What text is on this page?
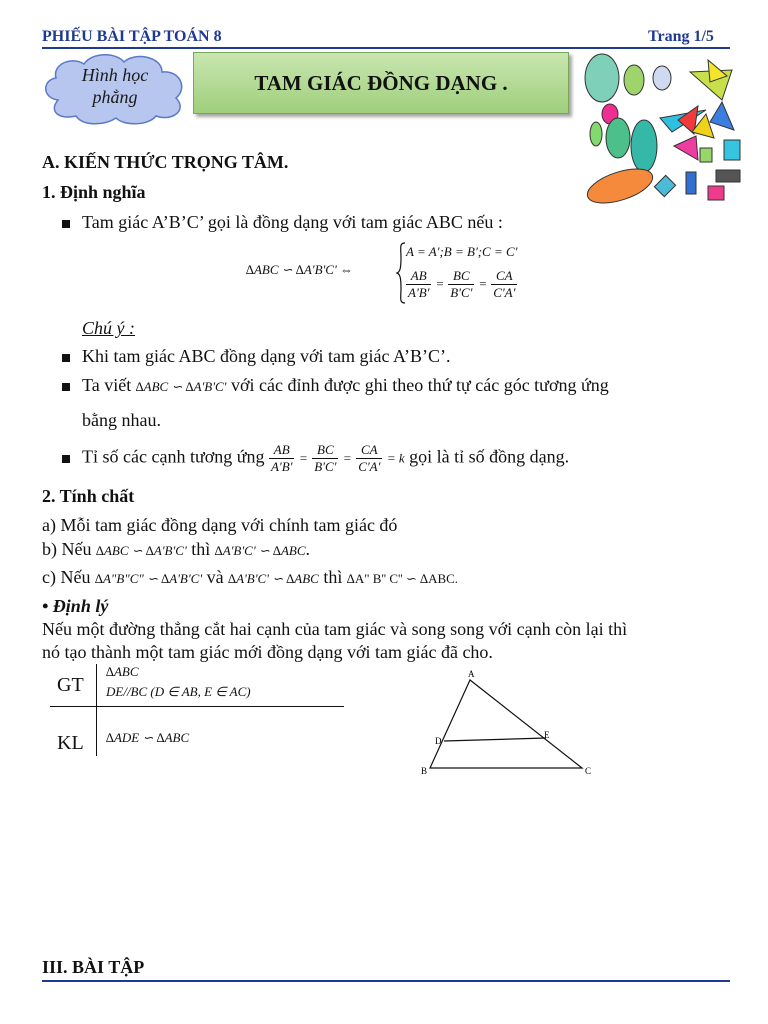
PHIẾU BÀI TẬP TOÁN 8	Trang 1/5
Hình học
phẳng
TAM GIÁC ĐỒNG DẠNG .
A. KIẾN THỨC TRỌNG TÂM.
1. Định nghĩa
Tam giác A’B’C’ gọi là đồng dạng với tam giác ABC nếu :
∆ABC ∽ ∆A'B'C' ⇔
A = A';B = B';C = C'
$\frac{AB}{A'B'} = \frac{BC}{B'C'} = \frac{CA}{C'A'}$
Chú ý :
Khi tam giác ABC đồng dạng với tam giác A’B’C’.
Ta viết ∆ABC ∽ ∆A'B'C' với các đỉnh được ghi theo thứ tự các góc tương ứng
bằng nhau.
Tỉ số các cạnh tương ứng $\frac{AB}{A'B'} = \frac{BC}{B'C'} = \frac{CA}{C'A'} = k$ gọi là tỉ số đồng dạng.
2. Tính chất
a) Mỗi tam giác đồng dạng với chính tam giác đó
b) Nếu ∆ABC ∽ ∆A'B'C' thì ∆A'B'C' ∽ ∆ABC.
c) Nếu ∆A"B"C" ∽ ∆A'B'C' và ∆A'B'C' ∽ ∆ABC thì ∆A" B'' C'' ∽ ∆ABC.
• Định lý
Nếu một đường thẳng cắt hai cạnh của tam giác và song song với cạnh còn lại thì
nó tạo thành một tam giác mới đồng dạng với tam giác đã cho.
GT
∆ABC
DE//BC (D ∈ AB, E ∈ AC)
KL ∆ADE ∽ ∆ABC
A
B	C
D
E
III. BÀI TẬP
